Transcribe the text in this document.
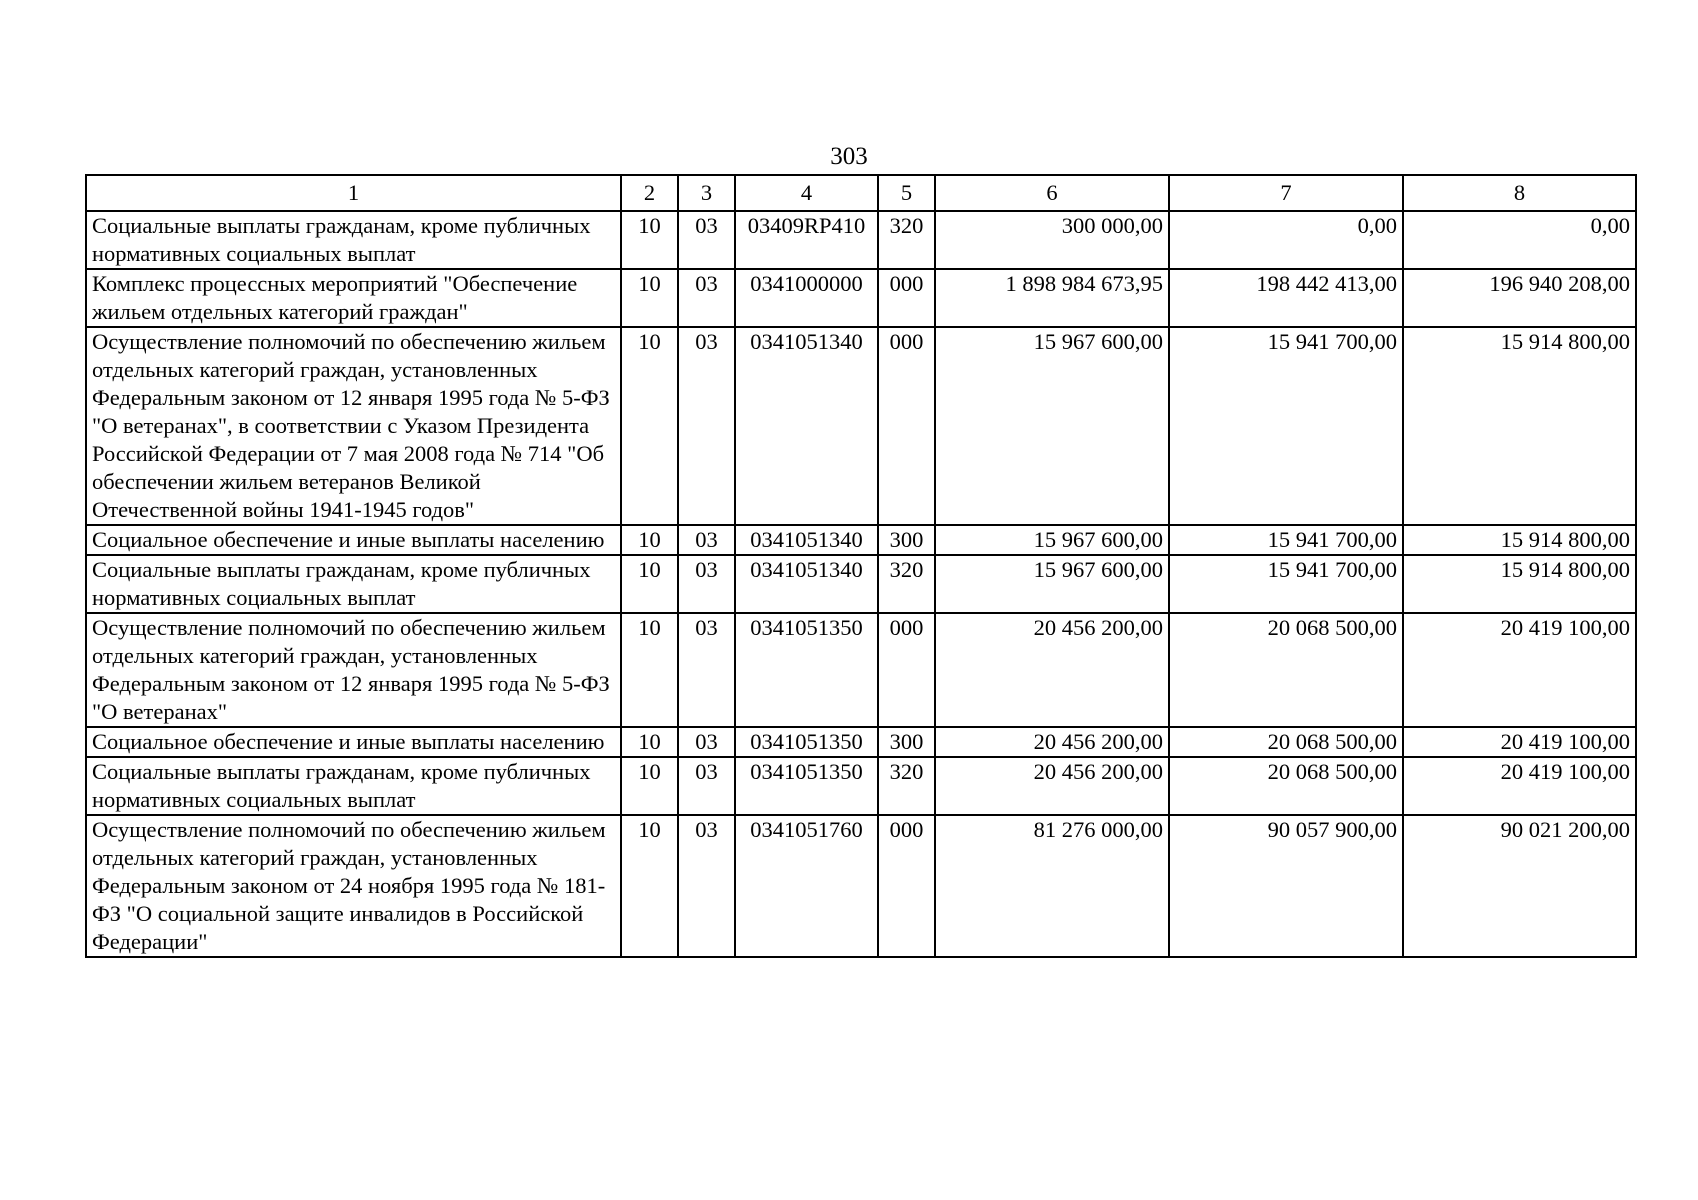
303
1	2	3	4	5	6	7	8
Социальные выплаты гражданам, кроме публичных нормативных социальных выплат	10	03	03409RP410	320	300 000,00	0,00	0,00
Комплекс процессных мероприятий "Обеспечение жильем отдельных категорий граждан"	10	03	0341000000	000	1 898 984 673,95	198 442 413,00	196 940 208,00
Осуществление полномочий по обеспечению жильем отдельных категорий граждан, установленных Федеральным законом от 12 января 1995 года № 5-ФЗ "О ветеранах", в соответствии с Указом Президента Российской Федерации от 7 мая 2008 года № 714 "Об обеспечении жильем ветеранов Великой Отечественной войны 1941-1945 годов"	10	03	0341051340	000	15 967 600,00	15 941 700,00	15 914 800,00
Социальное обеспечение и иные выплаты населению	10	03	0341051340	300	15 967 600,00	15 941 700,00	15 914 800,00
Социальные выплаты гражданам, кроме публичных нормативных социальных выплат	10	03	0341051340	320	15 967 600,00	15 941 700,00	15 914 800,00
Осуществление полномочий по обеспечению жильем отдельных категорий граждан, установленных Федеральным законом от 12 января 1995 года № 5-ФЗ "О ветеранах"	10	03	0341051350	000	20 456 200,00	20 068 500,00	20 419 100,00
Социальное обеспечение и иные выплаты населению	10	03	0341051350	300	20 456 200,00	20 068 500,00	20 419 100,00
Социальные выплаты гражданам, кроме публичных нормативных социальных выплат	10	03	0341051350	320	20 456 200,00	20 068 500,00	20 419 100,00
Осуществление полномочий по обеспечению жильем отдельных категорий граждан, установленных Федеральным законом от 24 ноября 1995 года № 181-ФЗ "О социальной защите инвалидов в Российской Федерации"	10	03	0341051760	000	81 276 000,00	90 057 900,00	90 021 200,00
